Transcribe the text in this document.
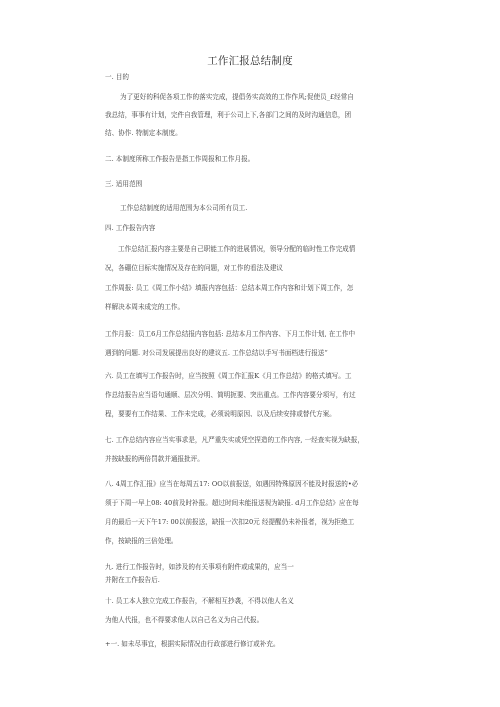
工作汇报总结制度
一. 目的
为了更好的科促各项工作的落实完成，提倡务实高效的工作作风;促使员_£经常自
我总结，事事有计划，完件自我管理，利于公司上下,各部门之间的及时沟通信息，团
结、协作. 特制定本制度。
二. 本制度所称工作报告是指工作周报和工作月报。
三. 适用范围
工作总结制度的适用范围为本公司所有员工.
四. 工作报告内容
工作总结汇报内容主要是自己职能工作的进展情况，领导分配的临时性工作完成情
况，各硼位目标实施情况及存在的问题，对工作的看法及建议
工作周报: 员工《周工作小结》填报内容包括：总结本周工作内容和计划下周工作，怎
样解决本周未成完的工作。
工作月报：员工6月工作总结报内容包括: 总结本月工作内容、下月工作计划, 在工作中
遇到的问题. 对公司发展提出良好的建议五. 工作总结以手写书面档进行报送“
六. 员工在填写工作报告时，应当按照《周工作汇报K《月工作总结》的格式填写。工
作总结报告应当语句通顺、层次分明、简明扼要、突出重点。工作内容要分项写，有过
程，要要有工作结果、工作未完成，必须说明原因、以及后续安排或替代方案。
七. 工作总结内容应当实事求是，凡严重失实或凭空捏造的工作内容, 一经查实视为缺报，
并按缺报的两倍罚款并通报批评。
八. 4周工作汇报》应当在每周五17: OO以前报送，如遇因特殊原因不能及时报送的•必
须于下周一早上08: 40前及时补报。超过时间未能报送视为缺报. d月工作总结》应在每
月的最后一天下午17: 00以前报送，缺报一次扣20元 经提醒仍未补报者，视为拒绝工
作，按缺报的三倍处理。
九. 进行工作报告时，如涉及的有关事项有附件或成果的，应当一
并附在工作报告后.
十. 员工本人独立完成工作报告，不解相互抄袭，不得以他人名义
为他人代报，也不得要求他人以自己名义为自己代报。
+一. 如未尽事宜，根据实际情况由行政部进行修订或补充。
